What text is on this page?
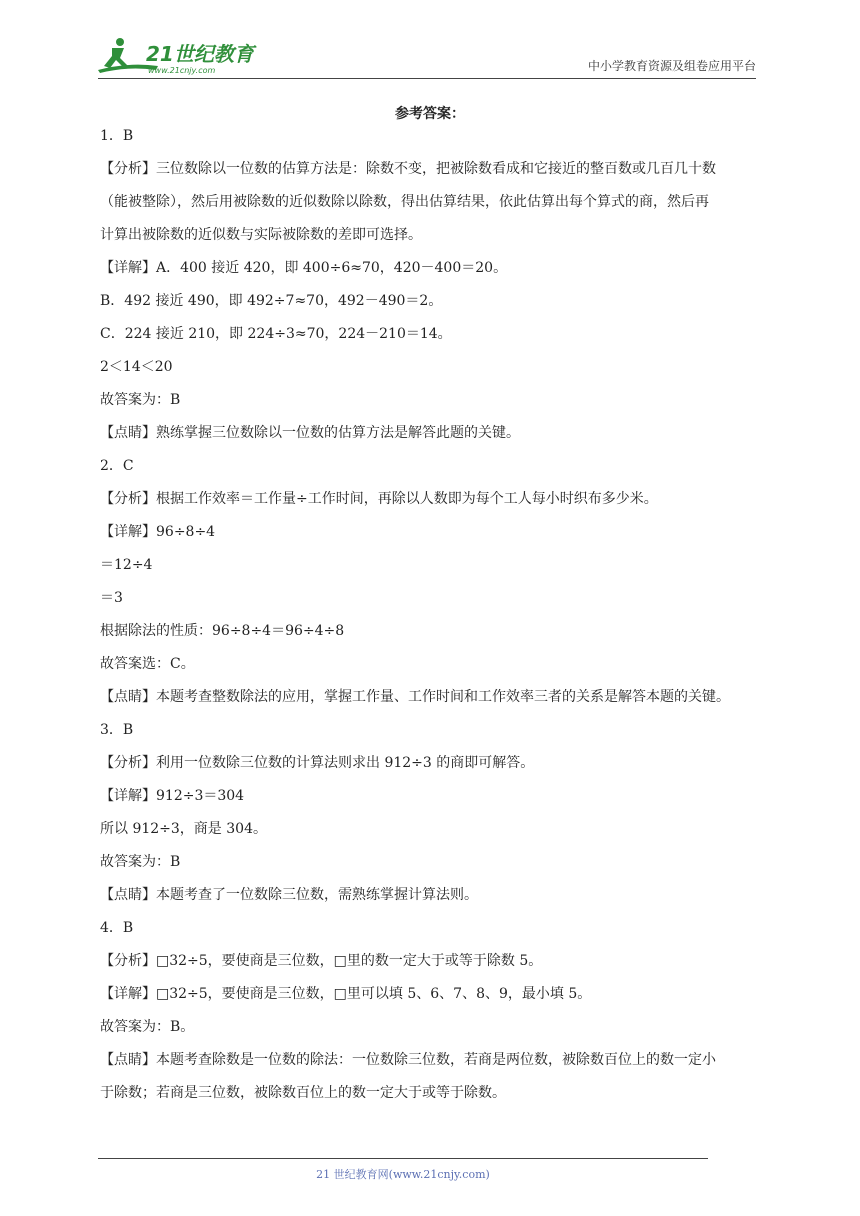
21世纪教育
www.21cnjy.com	中小学教育资源及组卷应用平台
参考答案：
1．B
【分析】三位数除以一位数的估算方法是：除数不变，把被除数看成和它接近的整百数或几百几十数
（能被整除），然后用被除数的近似数除以除数，得出估算结果，依此估算出每个算式的商，然后再
计算出被除数的近似数与实际被除数的差即可选择。
【详解】A．400 接近 420，即 400÷6≈70，420－400＝20。
B．492 接近 490，即 492÷7≈70，492－490＝2。
C．224 接近 210，即 224÷3≈70，224－210＝14。
2＜14＜20
故答案为：B
【点睛】熟练掌握三位数除以一位数的估算方法是解答此题的关键。
2．C
【分析】根据工作效率＝工作量÷工作时间，再除以人数即为每个工人每小时织布多少米。
【详解】96÷8÷4
＝12÷4
＝3
根据除法的性质：96÷8÷4＝96÷4÷8
故答案选：C。
【点睛】本题考查整数除法的应用，掌握工作量、工作时间和工作效率三者的关系是解答本题的关键。
3．B
【分析】利用一位数除三位数的计算法则求出 912÷3 的商即可解答。
【详解】912÷3＝304
所以 912÷3，商是 304。
故答案为：B
【点睛】本题考查了一位数除三位数，需熟练掌握计算法则。
4．B
【分析】□32÷5，要使商是三位数，□里的数一定大于或等于除数 5。
【详解】□32÷5，要使商是三位数，□里可以填 5、6、7、8、9，最小填 5。
故答案为：B。
【点睛】本题考查除数是一位数的除法：一位数除三位数，若商是两位数，被除数百位上的数一定小
于除数；若商是三位数，被除数百位上的数一定大于或等于除数。
21 世纪教育网(www.21cnjy.com)
